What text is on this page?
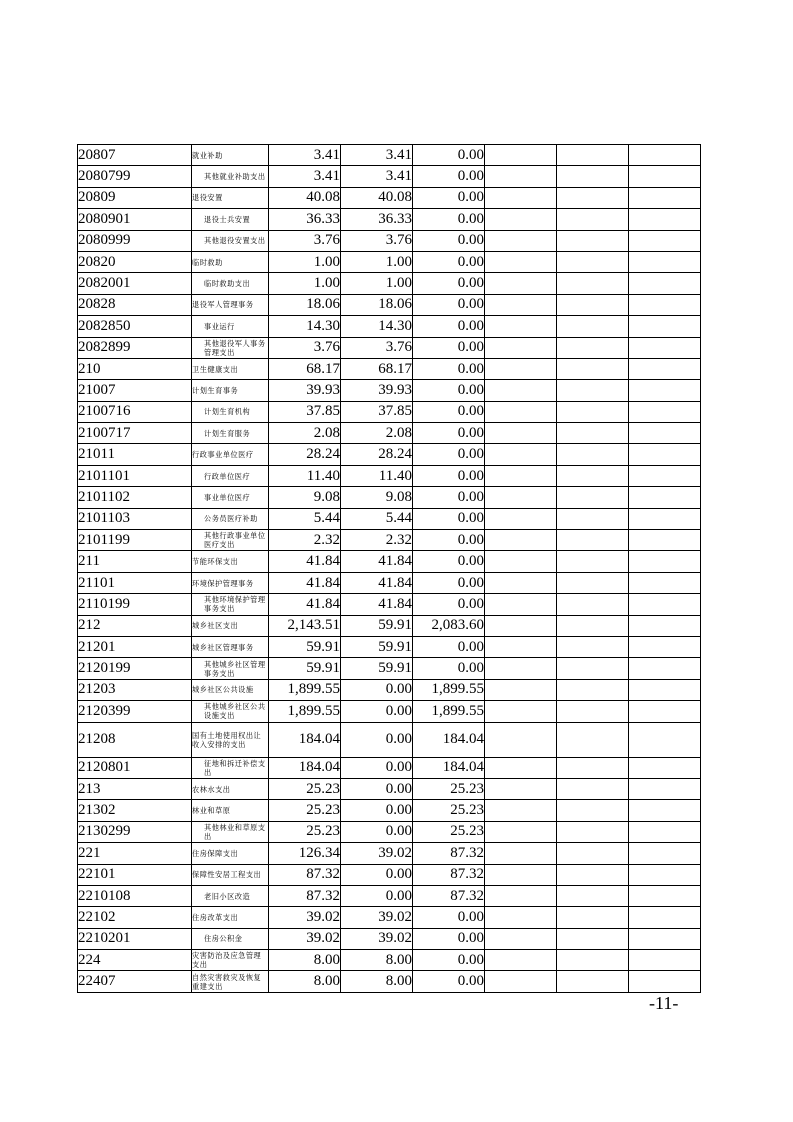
20807	就业补助	3.41	3.41	0.00			
2080799	其他就业补助支出	3.41	3.41	0.00			
20809	退役安置	40.08	40.08	0.00			
2080901	退役士兵安置	36.33	36.33	0.00			
2080999	其他退役安置支出	3.76	3.76	0.00			
20820	临时救助	1.00	1.00	0.00			
2082001	临时救助支出	1.00	1.00	0.00			
20828	退役军人管理事务	18.06	18.06	0.00			
2082850	事业运行	14.30	14.30	0.00			
2082899	其他退役军人事务管理支出	3.76	3.76	0.00			
210	卫生健康支出	68.17	68.17	0.00			
21007	计划生育事务	39.93	39.93	0.00			
2100716	计划生育机构	37.85	37.85	0.00			
2100717	计划生育服务	2.08	2.08	0.00			
21011	行政事业单位医疗	28.24	28.24	0.00			
2101101	行政单位医疗	11.40	11.40	0.00			
2101102	事业单位医疗	9.08	9.08	0.00			
2101103	公务员医疗补助	5.44	5.44	0.00			
2101199	其他行政事业单位医疗支出	2.32	2.32	0.00			
211	节能环保支出	41.84	41.84	0.00			
21101	环境保护管理事务	41.84	41.84	0.00			
2110199	其他环境保护管理事务支出	41.84	41.84	0.00			
212	城乡社区支出	2,143.51	59.91	2,083.60			
21201	城乡社区管理事务	59.91	59.91	0.00			
2120199	其他城乡社区管理事务支出	59.91	59.91	0.00			
21203	城乡社区公共设施	1,899.55	0.00	1,899.55			
2120399	其他城乡社区公共设施支出	1,899.55	0.00	1,899.55			
21208	国有土地使用权出让收入安排的支出	184.04	0.00	184.04			
2120801	征地和拆迁补偿支出	184.04	0.00	184.04			
213	农林水支出	25.23	0.00	25.23			
21302	林业和草原	25.23	0.00	25.23			
2130299	其他林业和草原支出	25.23	0.00	25.23			
221	住房保障支出	126.34	39.02	87.32			
22101	保障性安居工程支出	87.32	0.00	87.32			
2210108	老旧小区改造	87.32	0.00	87.32			
22102	住房改革支出	39.02	39.02	0.00			
2210201	住房公积金	39.02	39.02	0.00			
224	灾害防治及应急管理支出	8.00	8.00	0.00			
22407	自然灾害救灾及恢复重建支出	8.00	8.00	0.00			
-11-
